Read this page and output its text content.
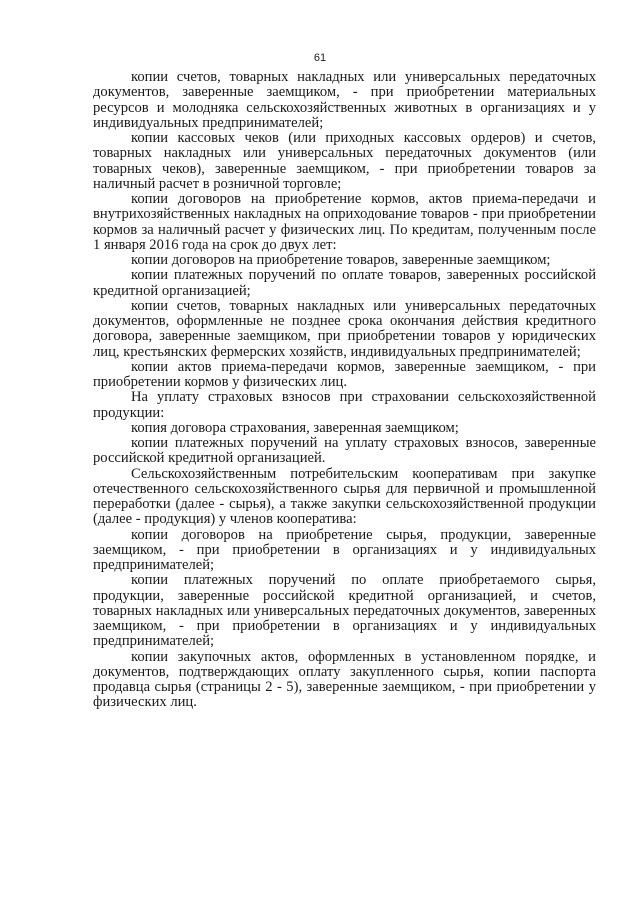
61

копии счетов, товарных накладных или универсальных передаточных документов, заверенные заемщиком, - при приобретении материальных ресурсов и молодняка сельскохозяйственных животных в организациях и у индивидуальных предпринимателей;

копии кассовых чеков (или приходных кассовых ордеров) и счетов, товарных накладных или универсальных передаточных документов (или товарных чеков), заверенные заемщиком, - при приобретении товаров за наличный расчет в розничной торговле;

копии договоров на приобретение кормов, актов приема-передачи и внутрихозяйственных накладных на оприходование товаров - при приобретении кормов за наличный расчет у физических лиц. По кредитам, полученным после 1 января 2016 года на срок до двух лет:

копии договоров на приобретение товаров, заверенные заемщиком;

копии платежных поручений по оплате товаров, заверенных российской кредитной организацией;

копии счетов, товарных накладных или универсальных передаточных документов, оформленные не позднее срока окончания действия кредитного договора, заверенные заемщиком, при приобретении товаров у юридических лиц, крестьянских фермерских хозяйств, индивидуальных предпринимателей;

копии актов приема-передачи кормов, заверенные заемщиком, - при приобретении кормов у физических лиц.

На уплату страховых взносов при страховании сельскохозяйственной продукции:

копия договора страхования, заверенная заемщиком;

копии платежных поручений на уплату страховых взносов, заверенные российской кредитной организацией.

Сельскохозяйственным потребительским кооперативам при закупке отечественного сельскохозяйственного сырья для первичной и промышленной переработки (далее - сырья), а также закупки сельскохозяйственной продукции (далее - продукция) у членов кооператива:

копии договоров на приобретение сырья, продукции, заверенные заемщиком, - при приобретении в организациях и у индивидуальных предпринимателей;

копии платежных поручений по оплате приобретаемого сырья, продукции, заверенные российской кредитной организацией, и счетов, товарных накладных или универсальных передаточных документов, заверенных заемщиком, - при приобретении в организациях и у индивидуальных предпринимателей;

копии закупочных актов, оформленных в установленном порядке, и документов, подтверждающих оплату закупленного сырья, копии паспорта продавца сырья (страницы 2 - 5), заверенные заемщиком, - при приобретении у физических лиц.
